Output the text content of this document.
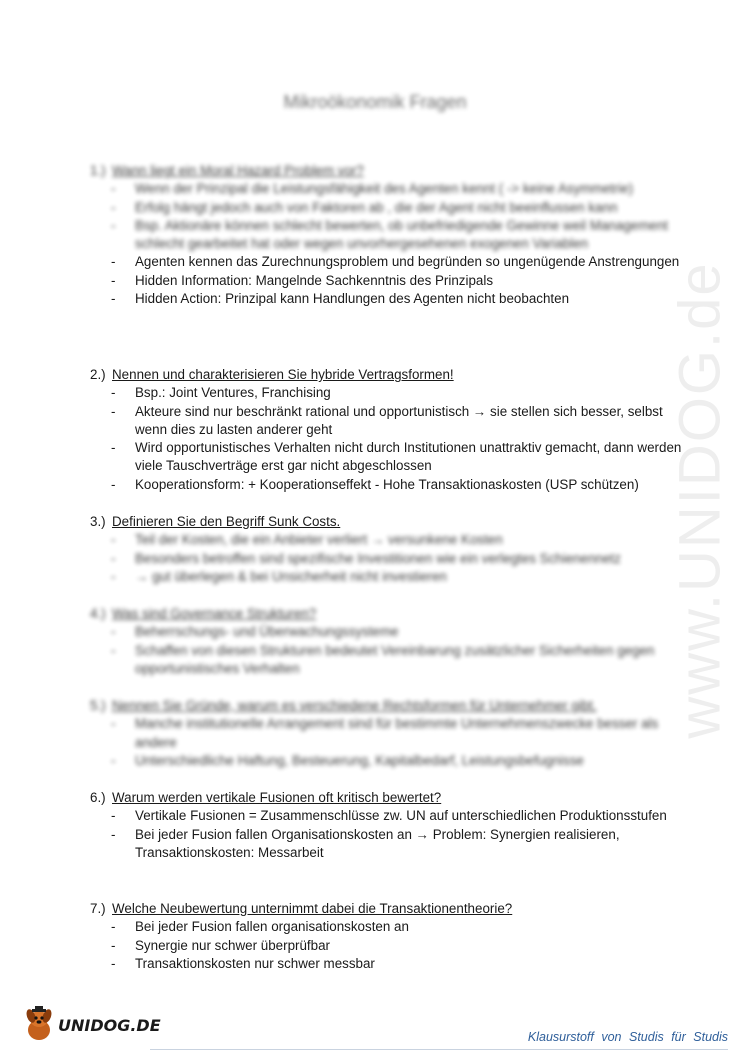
Mikroökonomik Fragen
www.UNIDOG.de
1.) Wann liegt ein Moral Hazard Problem vor?
-	Wenn der Prinzipal die Leistungsfähigkeit des Agenten kennt ( -> keine Asymmetrie)
-	Erfolg hängt jedoch auch von Faktoren ab , die der Agent nicht beeinflussen kann
-	Bsp. Aktionäre können schlecht bewerten, ob unbefriedigende Gewinne weil Management schlecht gearbeitet hat oder wegen unvorhergesehenen exogenen Variablen
-	Agenten kennen das Zurechnungsproblem und begründen so ungenügende Anstrengungen
-	Hidden Information: Mangelnde Sachkenntnis des Prinzipals
-	Hidden Action: Prinzipal kann Handlungen des Agenten nicht beobachten
2.) Nennen und charakterisieren Sie hybride Vertragsformen!
-	Bsp.: Joint Ventures, Franchising
-	Akteure sind nur beschränkt rational und opportunistisch → sie stellen sich besser, selbst wenn dies zu lasten anderer geht
-	Wird opportunistisches Verhalten nicht durch Institutionen unattraktiv gemacht, dann werden viele Tauschverträge erst gar nicht abgeschlossen
-	Kooperationsform: + Kooperationseffekt - Hohe Transaktionaskosten (USP schützen)
3.) Definieren Sie den Begriff Sunk Costs.
-	Teil der Kosten, die ein Anbieter verliert → versunkene Kosten
-	Besonders betroffen sind spezifische Investitionen wie ein verlegtes Schienennetz
-	→ gut überlegen & bei Unsicherheit nicht investieren
4.) Was sind Governance Strukturen?
-	Beherrschungs- und Überwachungssysteme
-	Schaffen von diesen Strukturen bedeutet Vereinbarung zusätzlicher Sicherheiten gegen opportunistisches Verhalten
5.) Nennen Sie Gründe, warum es verschiedene Rechtsformen für Unternehmer gibt.
-	Manche institutionelle Arrangement sind für bestimmte Unternehmenszwecke besser als andere
-	Unterschiedliche Haftung, Besteuerung, Kapitalbedarf, Leistungsbefugnisse
6.) Warum werden vertikale Fusionen oft kritisch bewertet?
-	Vertikale Fusionen = Zusammenschlüsse zw. UN auf unterschiedlichen Produktionsstufen
-	Bei jeder Fusion fallen Organisationskosten an → Problem: Synergien realisieren, Transaktionskosten: Messarbeit
7.) Welche Neubewertung unternimmt dabei die Transaktionentheorie?
-	Bei jeder Fusion fallen organisationskosten an
-	Synergie nur schwer überprüfbar
-	Transaktionskosten nur schwer messbar
UNIDOG.DE
Klausurstoff von Studis für Studis
